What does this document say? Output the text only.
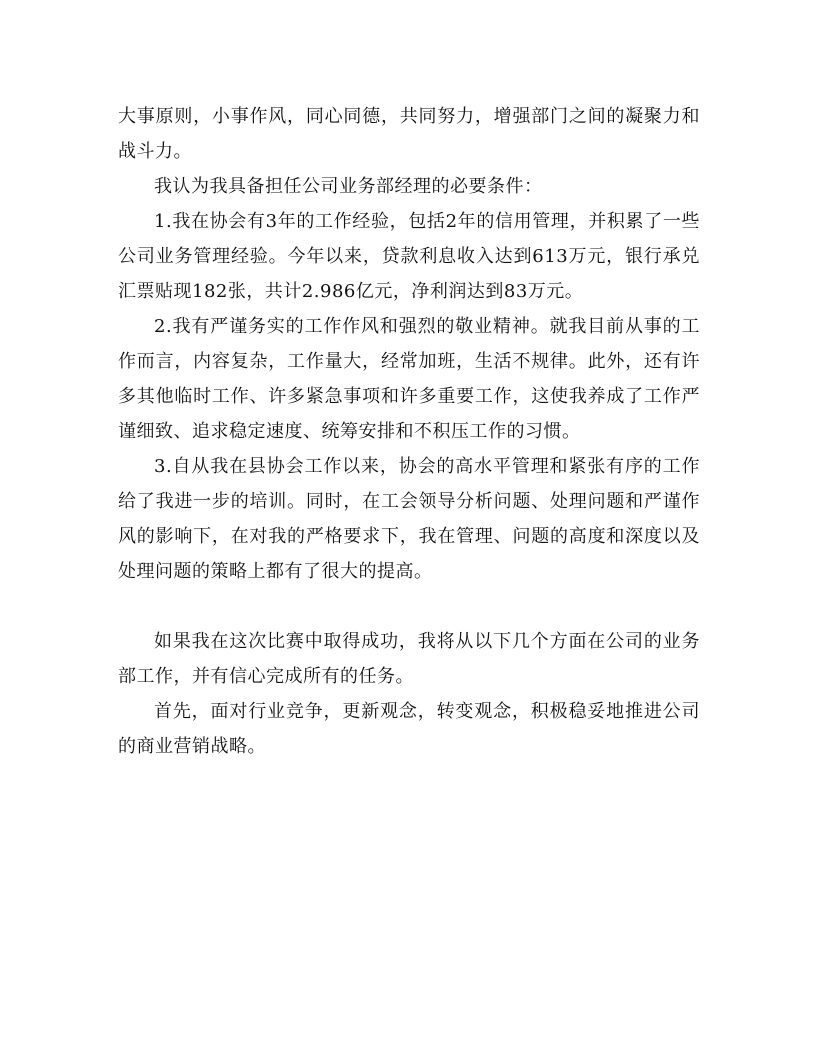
大事原则，小事作风，同心同德，共同努力，增强部门之间的凝聚力和战斗力。

我认为我具备担任公司业务部经理的必要条件：

1.我在协会有3年的工作经验，包括2年的信用管理，并积累了一些公司业务管理经验。今年以来，贷款利息收入达到613万元，银行承兑汇票贴现182张，共计2.986亿元，净利润达到83万元。

2.我有严谨务实的工作作风和强烈的敬业精神。就我目前从事的工作而言，内容复杂，工作量大，经常加班，生活不规律。此外，还有许多其他临时工作、许多紧急事项和许多重要工作，这使我养成了工作严谨细致、追求稳定速度、统筹安排和不积压工作的习惯。

3.自从我在县协会工作以来，协会的高水平管理和紧张有序的工作给了我进一步的培训。同时，在工会领导分析问题、处理问题和严谨作风的影响下，在对我的严格要求下，我在管理、问题的高度和深度以及处理问题的策略上都有了很大的提高。

如果我在这次比赛中取得成功，我将从以下几个方面在公司的业务部工作，并有信心完成所有的任务。

首先，面对行业竞争，更新观念，转变观念，积极稳妥地推进公司的商业营销战略。
